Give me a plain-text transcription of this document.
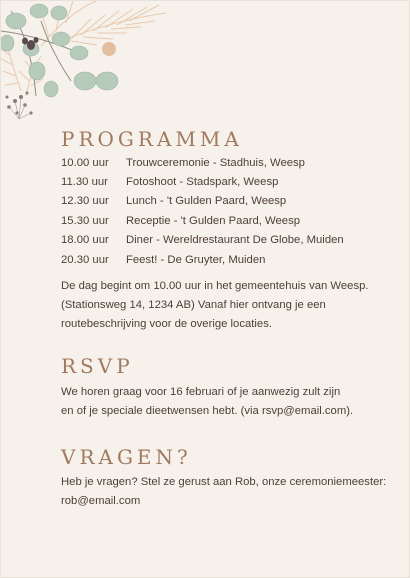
PROGRAMMA
10.00 uur	Trouwceremonie - Stadhuis, Weesp
11.30 uur	Fotoshoot - Stadspark, Weesp
12.30 uur	Lunch - 't Gulden Paard, Weesp
15.30 uur	Receptie - 't Gulden Paard, Weesp
18.00 uur	Diner - Wereldrestaurant De Globe, Muiden
20.30 uur	Feest! - De Gruyter, Muiden
De dag begint om 10.00 uur in het gemeentehuis van Weesp.
(Stationsweg 14, 1234 AB) Vanaf hier ontvang je een
routebeschrijving voor de overige locaties.
RSVP
We horen graag voor 16 februari of je aanwezig zult zijn
en of je speciale dieetwensen hebt. (via rsvp@email.com).
VRAGEN?
Heb je vragen? Stel ze gerust aan Rob, onze ceremoniemeester:
rob@email.com
